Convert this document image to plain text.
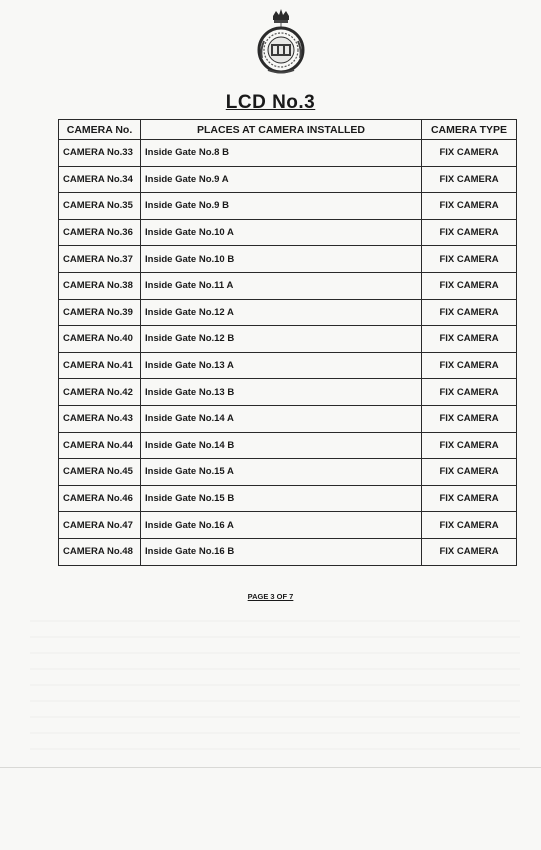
LCD No.3
CAMERA No.	PLACES AT CAMERA INSTALLED	CAMERA TYPE
CAMERA No.33	Inside Gate No.8 B	FIX CAMERA
CAMERA No.34	Inside Gate No.9 A	FIX CAMERA
CAMERA No.35	Inside Gate No.9 B	FIX CAMERA
CAMERA No.36	Inside Gate No.10 A	FIX CAMERA
CAMERA No.37	Inside Gate No.10 B	FIX CAMERA
CAMERA No.38	Inside Gate No.11 A	FIX CAMERA
CAMERA No.39	Inside Gate No.12 A	FIX CAMERA
CAMERA No.40	Inside Gate No.12 B	FIX CAMERA
CAMERA No.41	Inside Gate No.13 A	FIX CAMERA
CAMERA No.42	Inside Gate No.13 B	FIX CAMERA
CAMERA No.43	Inside Gate No.14 A	FIX CAMERA
CAMERA No.44	Inside Gate No.14 B	FIX CAMERA
CAMERA No.45	Inside Gate No.15 A	FIX CAMERA
CAMERA No.46	Inside Gate No.15 B	FIX CAMERA
CAMERA No.47	Inside Gate No.16 A	FIX CAMERA
CAMERA No.48	Inside Gate No.16 B	FIX CAMERA
PAGE 3 OF 7
